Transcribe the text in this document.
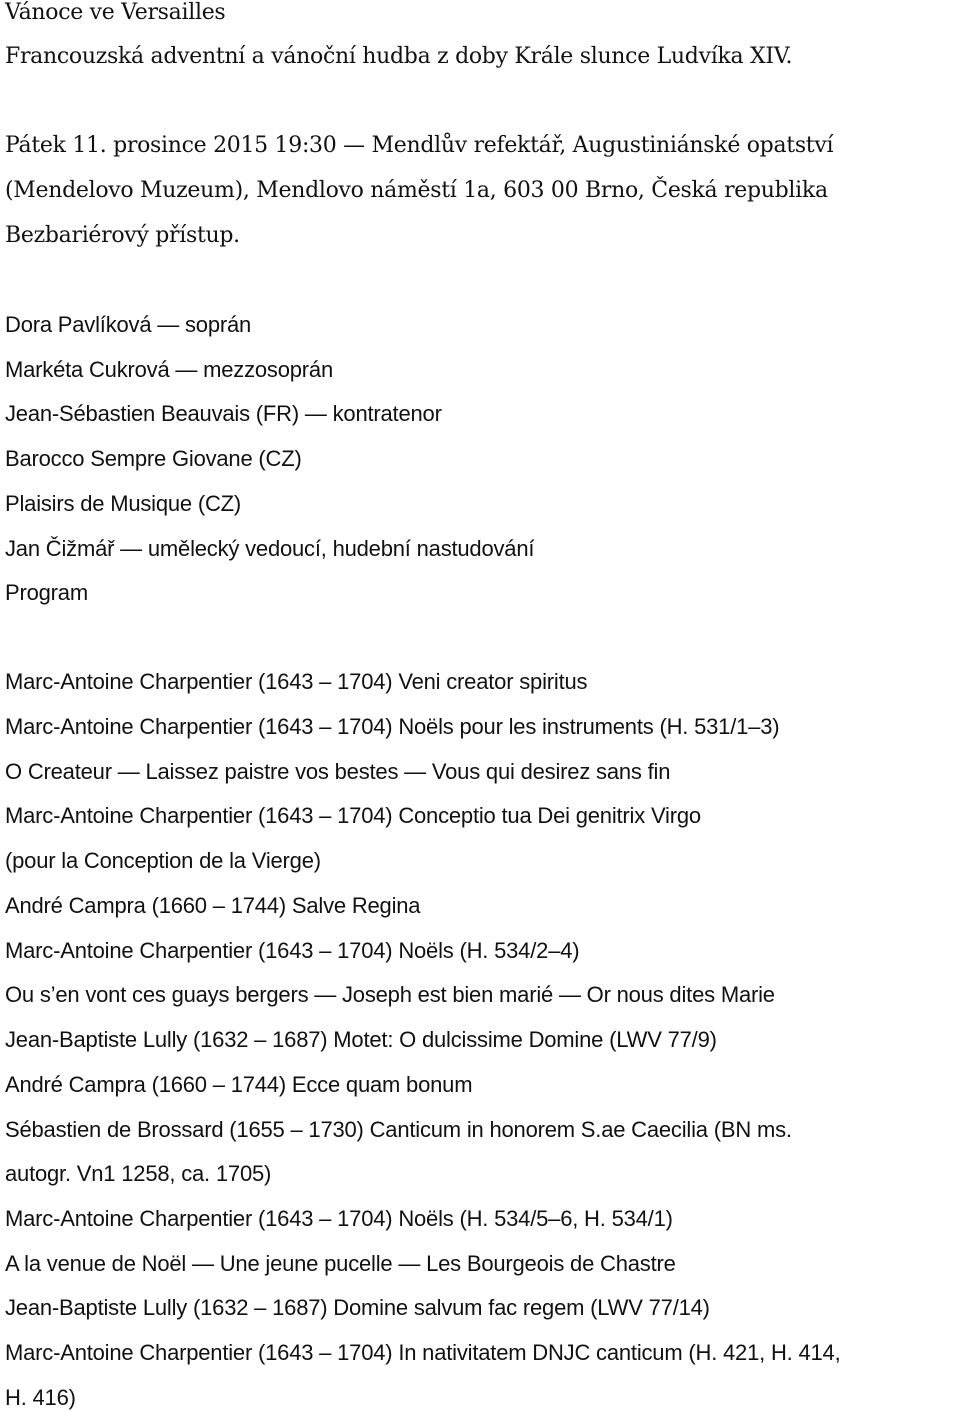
Vánoce ve Versailles
Francouzská adventní a vánoční hudba z doby Krále slunce Ludvíka XIV.
Pátek 11. prosince 2015 19:30 — Mendlův refektář, Augustiniánské opatství
(Mendelovo Muzeum), Mendlovo náměstí 1a, 603 00 Brno, Česká republika
Bezbariérový přístup.
Dora Pavlíková — soprán
Markéta Cukrová — mezzosoprán
Jean-Sébastien Beauvais (FR) — kontratenor
Barocco Sempre Giovane (CZ)
Plaisirs de Musique (CZ)
Jan Čižmář — umělecký vedoucí, hudební nastudování
Program
Marc-Antoine Charpentier (1643 – 1704) Veni creator spiritus
Marc-Antoine Charpentier (1643 – 1704) Noëls pour les instruments (H. 531/1–3)
O Createur — Laissez paistre vos bestes — Vous qui desirez sans fin
Marc-Antoine Charpentier (1643 – 1704) Conceptio tua Dei genitrix Virgo
(pour la Conception de la Vierge)
André Campra (1660 – 1744) Salve Regina
Marc-Antoine Charpentier (1643 – 1704) Noëls (H. 534/2–4)
Ou s’en vont ces guays bergers — Joseph est bien marié — Or nous dites Marie
Jean-Baptiste Lully (1632 – 1687) Motet: O dulcissime Domine (LWV 77/9)
André Campra (1660 – 1744) Ecce quam bonum
Sébastien de Brossard (1655 – 1730) Canticum in honorem S.ae Caecilia (BN ms.
autogr. Vn1 1258, ca. 1705)
Marc-Antoine Charpentier (1643 – 1704) Noëls (H. 534/5–6, H. 534/1)
A la venue de Noël — Une jeune pucelle — Les Bourgeois de Chastre
Jean-Baptiste Lully (1632 – 1687) Domine salvum fac regem (LWV 77/14)
Marc-Antoine Charpentier (1643 – 1704) In nativitatem DNJC canticum (H. 421, H. 414,
H. 416)
